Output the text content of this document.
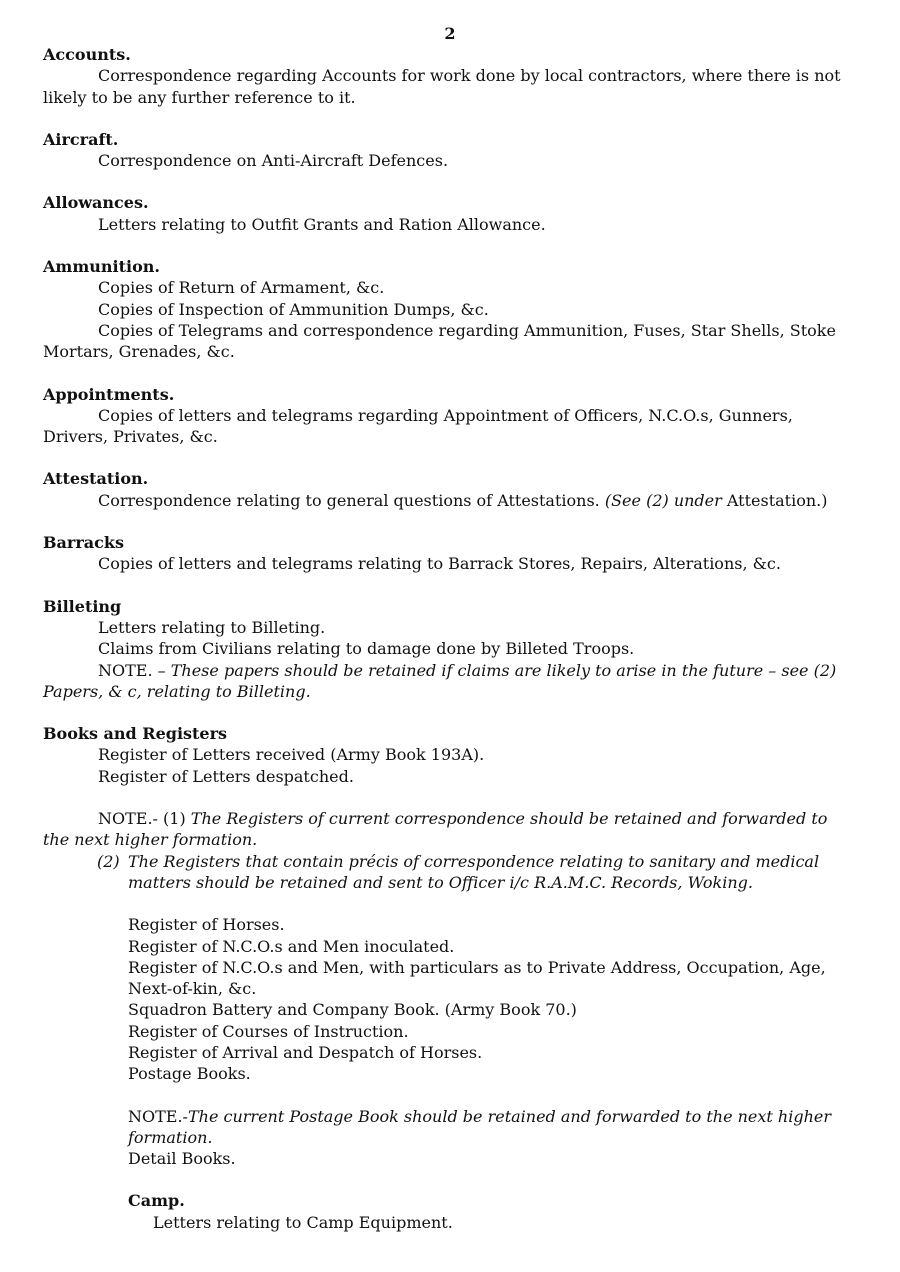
2
Accounts.
Correspondence regarding Accounts for work done by local contractors, where there is not likely to be any further reference to it.
Aircraft.
Correspondence on Anti-Aircraft Defences.
Allowances.
Letters relating to Outfit Grants and Ration Allowance.
Ammunition.
Copies of Return of Armament, &c.
Copies of Inspection of Ammunition Dumps, &c.
Copies of Telegrams and correspondence regarding Ammunition, Fuses, Star Shells, Stoke Mortars, Grenades, &c.
Appointments.
Copies of letters and telegrams regarding Appointment of Officers, N.C.O.s, Gunners, Drivers, Privates, &c.
Attestation.
Correspondence relating to general questions of Attestations. (See (2) under Attestation.)
Barracks
Copies of letters and telegrams relating to Barrack Stores, Repairs, Alterations, &c.
Billeting
Letters relating to Billeting.
Claims from Civilians relating to damage done by Billeted Troops.
NOTE. – These papers should be retained if claims are likely to arise in the future – see (2) Papers, & c, relating to Billeting.
Books and Registers
Register of Letters received (Army Book 193A).
Register of Letters despatched.
NOTE.- (1) The Registers of current correspondence should be retained and forwarded to the next higher formation.
(2) The Registers that contain précis of correspondence relating to sanitary and medical matters should be retained and sent to Officer i/c R.A.M.C. Records, Woking.
Register of Horses.
Register of N.C.O.s and Men inoculated.
Register of N.C.O.s and Men, with particulars as to Private Address, Occupation, Age, Next-of-kin, &c.
Squadron Battery and Company Book. (Army Book 70.)
Register of Courses of Instruction.
Register of Arrival and Despatch of Horses.
Postage Books.
NOTE.-The current Postage Book should be retained and forwarded to the next higher formation.
Detail Books.
Camp.
Letters relating to Camp Equipment.
